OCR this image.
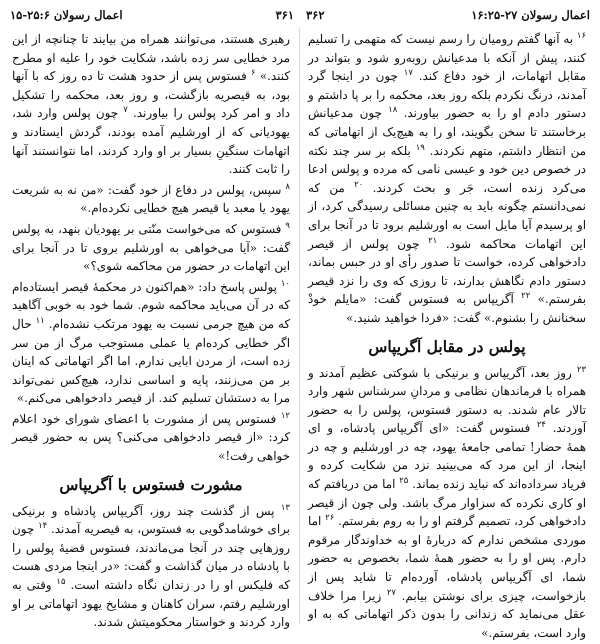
اعمال رسولان ۲۷-۱۶:۲۵
۳۶۲
۳۶۱
اعمال رسولان ۲۵:۶-۱۵

$^{۱۶}$ به آنها گفتم رومیان را رسم نیست که متهمی را تسلیم کنند، پیش از آنکه با مدعیانش روبه‌رو شود و بتواند در مقابل اتهامات، از خود دفاع کند. $^{۱۷}$ چون در اینجا گرد آمدند، درنگ نکردم بلکه روز بعد، محکمه را بر پا داشتم و دستور دادم او را به حضور بیاورند. $^{۱۸}$ چون مدعیانش برخاستند تا سخن بگویند، او را به هیچ‌یک از اتهاماتی که من انتظار داشتم، متهم نکردند. $^{۱۹}$ بلکه بر سر چند نکته در خصوص دین خود و عیسی نامی که مرده و پولس ادعا می‌کرد زنده است، جَر و بحث کردند. $^{۲۰}$ من که نمی‌دانستم چگونه باید به چنین مسائلی رسیدگی کرد، از او پرسیدم آیا مایل است به اورشلیم برود تا در آنجا برای این اتهامات محاکمه شود. $^{۲۱}$ چون پولس از قیصر دادخواهی کرده، خواست تا صدور رأی او در حبس بماند، دستور دادم نگاهش بدارند، تا روزی که وی را نزد قیصر بفرستم.» $^{۲۲}$ آگریپاس به فستوس گفت: «مایلم خودْ سخنانش را بشنوم.» گفت: «فردا خواهید شنید.»

پولس در مقابل آگریپاس

$^{۲۳}$ روز بعد، آگریپاس و برنیکی با شوکتی عظیم آمدند و همراه با فرماندهان نظامی و مردانِ سرشناس شهر وارد تالار عام شدند. به دستور فستوس، پولس را به حضور آوردند. $^{۲۴}$ فستوس گفت: «ای آگریپاس پادشاه، و ای همهٔ حضار! تمامی جامعهٔ یهود، چه در اورشلیم و چه در اینجا، از این مرد که می‌بینید نزد من شکایت کرده و فریاد سرداده‌اند که نباید زنده بماند. $^{۲۵}$ اما من دریافتم که او کاری نکرده که سزاوار مرگ باشد. ولی چون از قیصر دادخواهی کرد، تصمیم گرفتم او را به روم بفرستم. $^{۲۶}$ اما موردی مشخص ندارم که دربارهٔ او به خداوندگار مرقوم دارم. پس او را به حضور همهٔ شما، بخصوص به حضور شما، ای آگریپاس پادشاه، آورده‌ام تا شاید پس از بازخواست، چیزی برای نوشتن بیابم. $^{۲۷}$ زیرا مرا خلاف عقل می‌نماید که زندانی را بدون ذکر اتهاماتی که به او وارد است، بفرستم.»

رهبری هستند، می‌توانند همراه من بیایند تا چنانچه از این مرد خطایی سر زده باشد، شکایت خود را علیه او مطرح کنند.» $^۶$ فستوس پس از حدود هشت تا ده روز که با آنها بود، به قیصریه بازگشت، و روز بعد، محکمه را تشکیل داد و امر کرد پولس را بیاورند. $^۷$ چون پولس وارد شد، یهودیانی که از اورشلیم آمده بودند، گردش ایستادند و اتهامات سنگینِ بسیار بر او وارد کردند، اما نتوانستند آنها را ثابت کنند.

$^۸$ سپس، پولس در دفاع از خود گفت: «من نه به شریعت یهود یا معبد یا قیصر هیچ خطایی نکرده‌ام.»

$^۹$ فستوس که می‌خواست منّتی بر یهودیان بنهد، به پولس گفت: «آیا می‌خواهی به اورشلیم بروی تا در آنجا برای این اتهامات در حضور من محاکمه شوی؟»

$^{۱۰}$ پولس پاسخ داد: «هم‌اکنون در محکمهٔ قیصر ایستاده‌ام که در آن می‌باید محاکمه شوم. شما خود به خوبی آگاهید که من هیچ جرمی نسبت به یهود مرتکب نشده‌ام. $^{۱۱}$ حال اگر خطایی کرده‌ام یا عملی مستوجب مرگ از من سر زده است، از مردن ابایی ندارم. اما اگر اتهاماتی که اینان بر من می‌زنند، پایه و اساسی ندارد، هیچ‌کس نمی‌تواند مرا به دستشان تسلیم کند. از قیصر دادخواهی می‌کنم.»

$^{۱۲}$ فستوس پس از مشورت با اعضای شورای خود اعلام کرد: «از قیصر دادخواهی می‌کنی؟ پس به حضور قیصر خواهی رفت!»

مشورت فستوس با آگریپاس

$^{۱۳}$ پس از گذشت چند روز، آگریپاس پادشاه و برنیکی برای خوشامدگویی به فستوس، به قیصریه آمدند. $^{۱۴}$ چون روزهایی چند در آنجا می‌ماندند، فستوس قضیهٔ پولس را با پادشاه در میان گذاشت و گفت: «در اینجا مردی هست که فلیکس او را در زندان نگاه داشته است. $^{۱۵}$ وقتی به اورشلیم رفتم، سران کاهنان و مشایخ یهود اتهاماتی بر او وارد کردند و خواستار محکومیتش شدند.
